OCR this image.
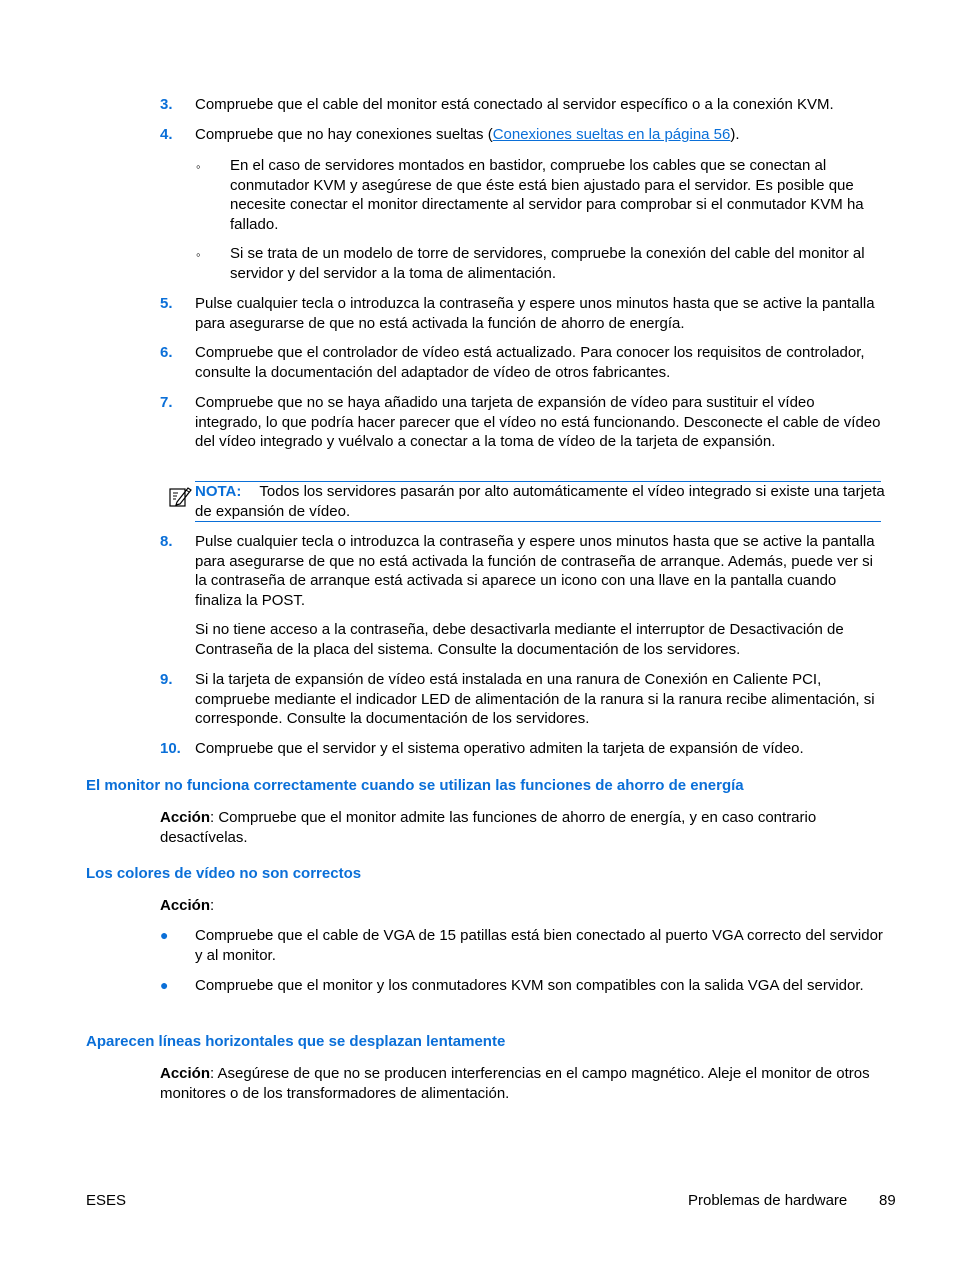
3. Compruebe que el cable del monitor está conectado al servidor específico o a la conexión KVM.
4. Compruebe que no hay conexiones sueltas (Conexiones sueltas en la página 56).
◦ En el caso de servidores montados en bastidor, compruebe los cables que se conectan al conmutador KVM y asegúrese de que éste está bien ajustado para el servidor. Es posible que necesite conectar el monitor directamente al servidor para comprobar si el conmutador KVM ha fallado.
◦ Si se trata de un modelo de torre de servidores, compruebe la conexión del cable del monitor al servidor y del servidor a la toma de alimentación.
5. Pulse cualquier tecla o introduzca la contraseña y espere unos minutos hasta que se active la pantalla para asegurarse de que no está activada la función de ahorro de energía.
6. Compruebe que el controlador de vídeo está actualizado. Para conocer los requisitos de controlador, consulte la documentación del adaptador de vídeo de otros fabricantes.
7. Compruebe que no se haya añadido una tarjeta de expansión de vídeo para sustituir el vídeo integrado, lo que podría hacer parecer que el vídeo no está funcionando. Desconecte el cable de vídeo del vídeo integrado y vuélvalo a conectar a la toma de vídeo de la tarjeta de expansión.
NOTA: Todos los servidores pasarán por alto automáticamente el vídeo integrado si existe una tarjeta de expansión de vídeo.
8. Pulse cualquier tecla o introduzca la contraseña y espere unos minutos hasta que se active la pantalla para asegurarse de que no está activada la función de contraseña de arranque. Además, puede ver si la contraseña de arranque está activada si aparece un icono con una llave en la pantalla cuando finaliza la POST.
Si no tiene acceso a la contraseña, debe desactivarla mediante el interruptor de Desactivación de Contraseña de la placa del sistema. Consulte la documentación de los servidores.
9. Si la tarjeta de expansión de vídeo está instalada en una ranura de Conexión en Caliente PCI, compruebe mediante el indicador LED de alimentación de la ranura si la ranura recibe alimentación, si corresponde. Consulte la documentación de los servidores.
10. Compruebe que el servidor y el sistema operativo admiten la tarjeta de expansión de vídeo.
El monitor no funciona correctamente cuando se utilizan las funciones de ahorro de energía
Acción: Compruebe que el monitor admite las funciones de ahorro de energía, y en caso contrario desactívelas.
Los colores de vídeo no son correctos
Acción:
● Compruebe que el cable de VGA de 15 patillas está bien conectado al puerto VGA correcto del servidor y al monitor.
● Compruebe que el monitor y los conmutadores KVM son compatibles con la salida VGA del servidor.
Aparecen líneas horizontales que se desplazan lentamente
Acción: Asegúrese de que no se producen interferencias en el campo magnético. Aleje el monitor de otros monitores o de los transformadores de alimentación.
ESES	Problemas de hardware 89
